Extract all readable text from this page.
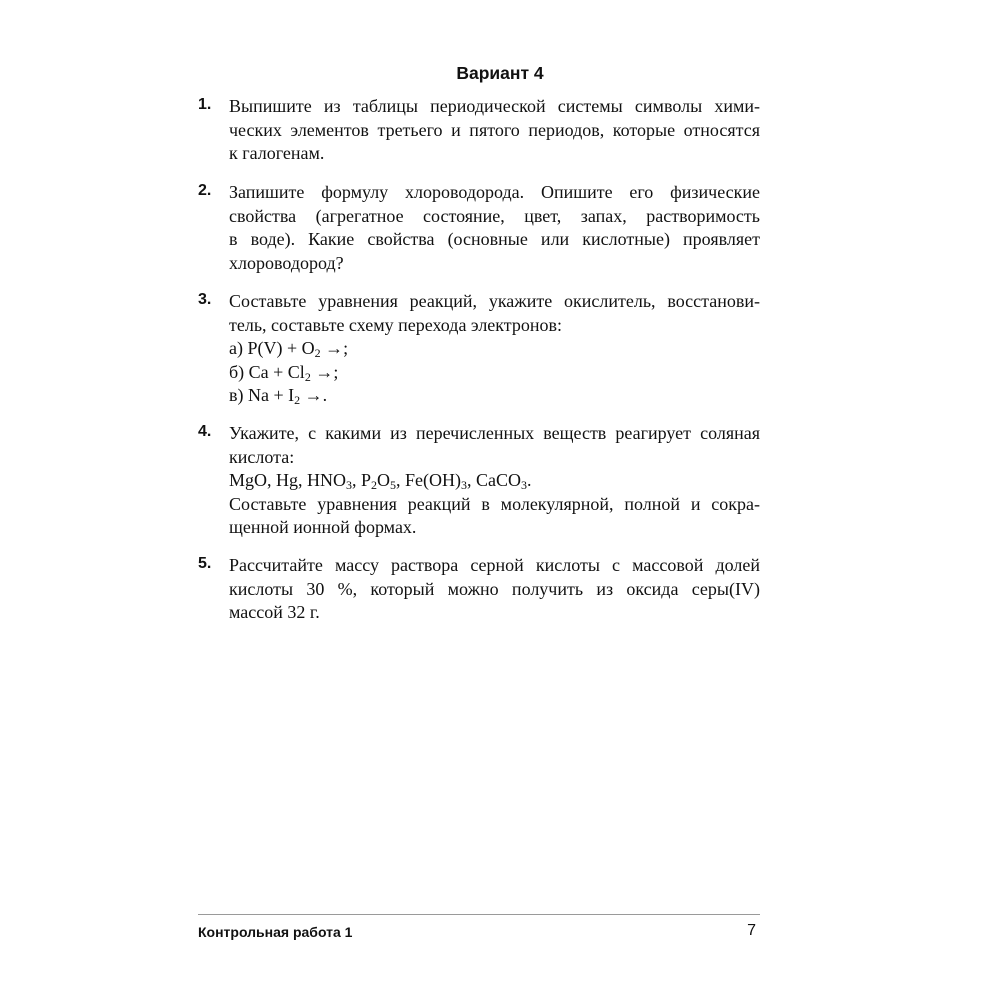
Вариант 4
1. Выпишите из таблицы периодической системы символы хими-
ческих элементов третьего и пятого периодов, которые относятся
к галогенам.
2. Запишите формулу хлороводорода. Опишите его физические
свойства (агрегатное состояние, цвет, запах, растворимость
в воде). Какие свойства (основные или кислотные) проявляет
хлороводород?
3. Составьте уравнения реакций, укажите окислитель, восстанови-
тель, составьте схему перехода электронов:
а) $P(V) + O_2$ →;
б) $Ca + Cl_2$ →;
в) $Na + I_2$ →.
4. Укажите, с какими из перечисленных веществ реагирует соляная
кислота:
MgO, Hg, $HNO_3$, $P_2O_5$, $Fe(OH)_3$, CaCO$_3$.
Составьте уравнения реакций в молекулярной, полной и сокра-
щенной ионной формах.
5. Рассчитайте массу раствора серной кислоты с массовой долей
кислоты 30 %, который можно получить из оксида серы(IV)
массой 32 г.
Контрольная работа 1	7
